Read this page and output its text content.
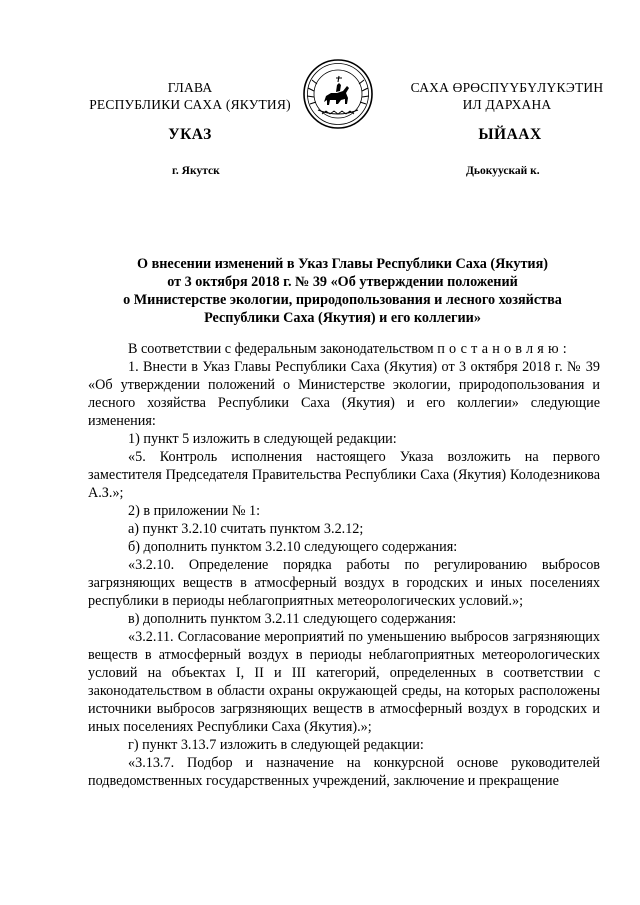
ГЛАВА
РЕСПУБЛИКИ САХА (ЯКУТИЯ)
САХА ӨРӨСПҮҮБҮЛҮКЭТИН
ИЛ ДАРХАНА
УКАЗ	ЫЙААХ
г. Якутск	Дьокуускай к.
О внесении изменений в Указ Главы Республики Саха (Якутия)
от 3 октября 2018 г. № 39 «Об утверждении положений
о Министерстве экологии, природопользования и лесного хозяйства
Республики Саха (Якутия) и его коллегии»

В соответствии с федеральным законодательством постановляю:

1. Внести в Указ Главы Республики Саха (Якутия) от 3 октября 2018 г. № 39 «Об утверждении положений о Министерстве экологии, природопользования и лесного хозяйства Республики Саха (Якутия) и его коллегии» следующие изменения:

1) пункт 5 изложить в следующей редакции:

«5. Контроль исполнения настоящего Указа возложить на первого заместителя Председателя Правительства Республики Саха (Якутия) Колодезникова А.З.»;

2) в приложении № 1:

а) пункт 3.2.10 считать пунктом 3.2.12;

б) дополнить пунктом 3.2.10 следующего содержания:

«3.2.10. Определение порядка работы по регулированию выбросов загрязняющих веществ в атмосферный воздух в городских и иных поселениях республики в периоды неблагоприятных метеорологических условий.»;

в) дополнить пунктом 3.2.11 следующего содержания:

«3.2.11. Согласование мероприятий по уменьшению выбросов загрязняющих веществ в атмосферный воздух в периоды неблагоприятных метеорологических условий на объектах I, II и III категорий, определенных в соответствии с законодательством в области охраны окружающей среды, на которых расположены источники выбросов загрязняющих веществ в атмосферный воздух в городских и иных поселениях Республики Саха (Якутия).»;

г) пункт 3.13.7 изложить в следующей редакции:

«3.13.7. Подбор и назначение на конкурсной основе руководителей подведомственных государственных учреждений, заключение и прекращение
